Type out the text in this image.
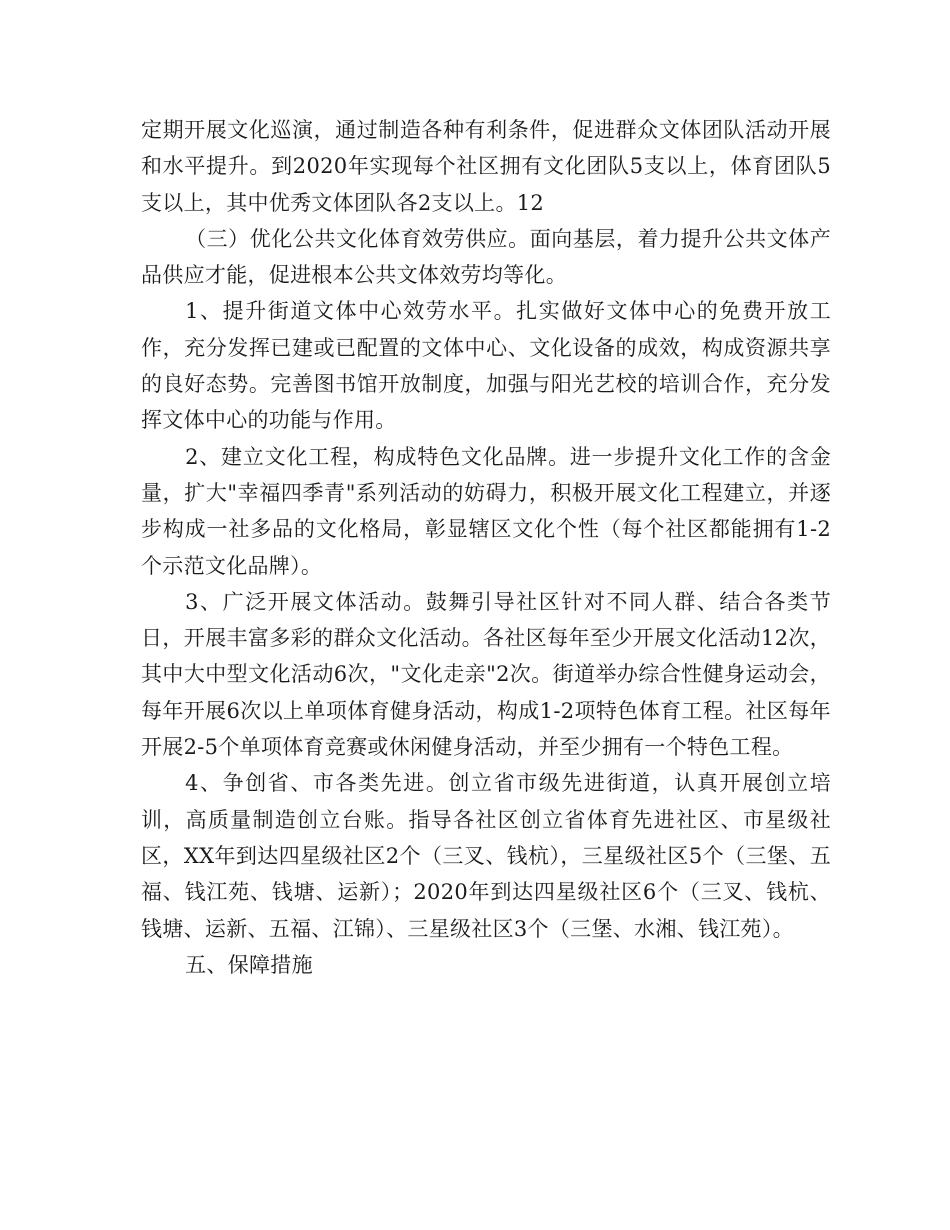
定期开展文化巡演，通过制造各种有利条件，促进群众文体团队活动开展和水平提升。到2020年实现每个社区拥有文化团队5支以上，体育团队5支以上，其中优秀文体团队各2支以上。12

（三）优化公共文化体育效劳供应。面向基层，着力提升公共文体产品供应才能，促进根本公共文体效劳均等化。

1、提升街道文体中心效劳水平。扎实做好文体中心的免费开放工作，充分发挥已建或已配置的文体中心、文化设备的成效，构成资源共享的良好态势。完善图书馆开放制度，加强与阳光艺校的培训合作，充分发挥文体中心的功能与作用。

2、建立文化工程，构成特色文化品牌。进一步提升文化工作的含金量，扩大"幸福四季青"系列活动的妨碍力，积极开展文化工程建立，并逐步构成一社多品的文化格局，彰显辖区文化个性（每个社区都能拥有1-2个示范文化品牌）。

3、广泛开展文体活动。鼓舞引导社区针对不同人群、结合各类节日，开展丰富多彩的群众文化活动。各社区每年至少开展文化活动12次，其中大中型文化活动6次，"文化走亲"2次。街道举办综合性健身运动会，每年开展6次以上单项体育健身活动，构成1-2项特色体育工程。社区每年开展2-5个单项体育竞赛或休闲健身活动，并至少拥有一个特色工程。

4、争创省、市各类先进。创立省市级先进街道，认真开展创立培训，高质量制造创立台账。指导各社区创立省体育先进社区、市星级社区，XX年到达四星级社区2个（三叉、钱杭），三星级社区5个（三堡、五福、钱江苑、钱塘、运新）；2020年到达四星级社区6个（三叉、钱杭、钱塘、运新、五福、江锦）、三星级社区3个（三堡、水湘、钱江苑）。

五、保障措施
